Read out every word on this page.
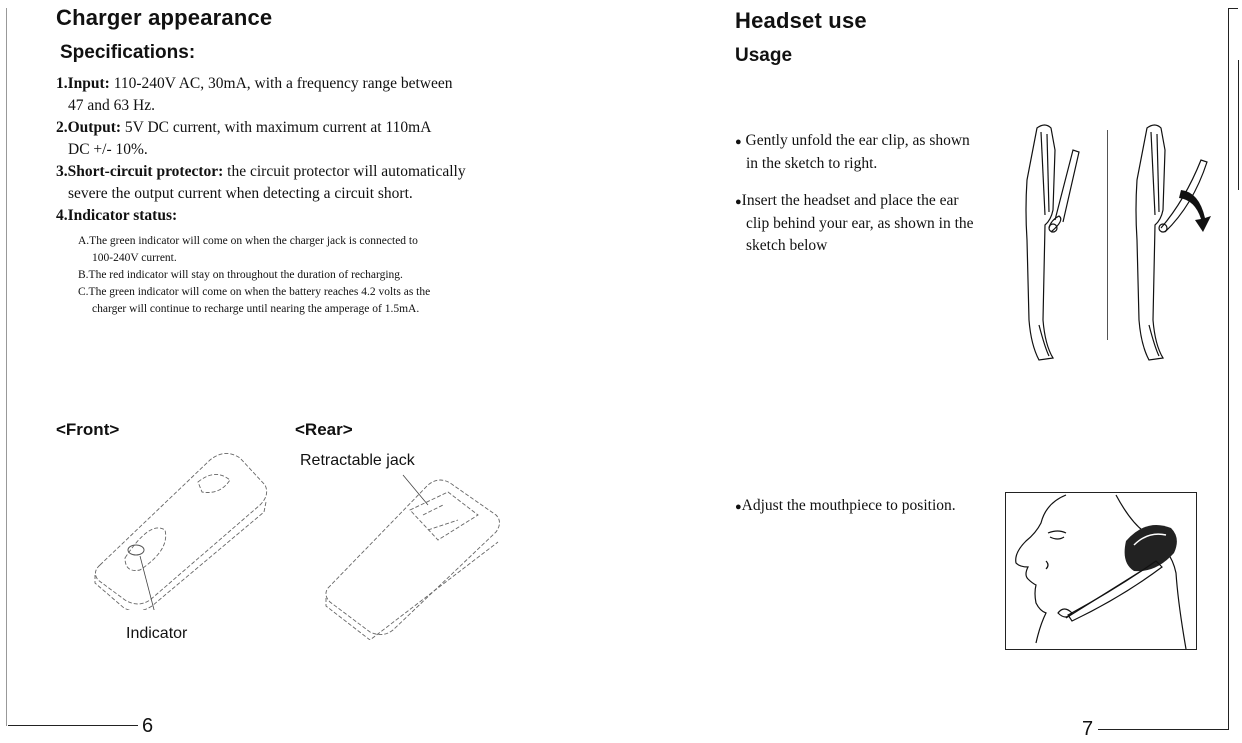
Charger appearance
Specifications:
1.Input: 110-240V AC, 30mA, with a frequency range between
47 and 63 Hz.
2.Output: 5V DC current, with maximum current at 110mA
DC +/- 10%.
3.Short-circuit protector: the circuit protector will automatically
severe the output current when detecting a circuit short.
4.Indicator status:
A.The green indicator will come on when the charger jack is connected to
100-240V current.
B.The red indicator will stay on throughout the duration of recharging.
C.The green indicator will come on when the battery reaches 4.2 volts as the
charger will continue to recharge until nearing the amperage of 1.5mA.
<Front>	<Rear>
Retractable jack
Indicator
6
Headset use
Usage
● Gently unfold the ear clip, as shown
in the sketch to right.
●Insert the headset and place the ear
clip behind your ear, as shown in the
sketch below
●Adjust the mouthpiece to position.
7
